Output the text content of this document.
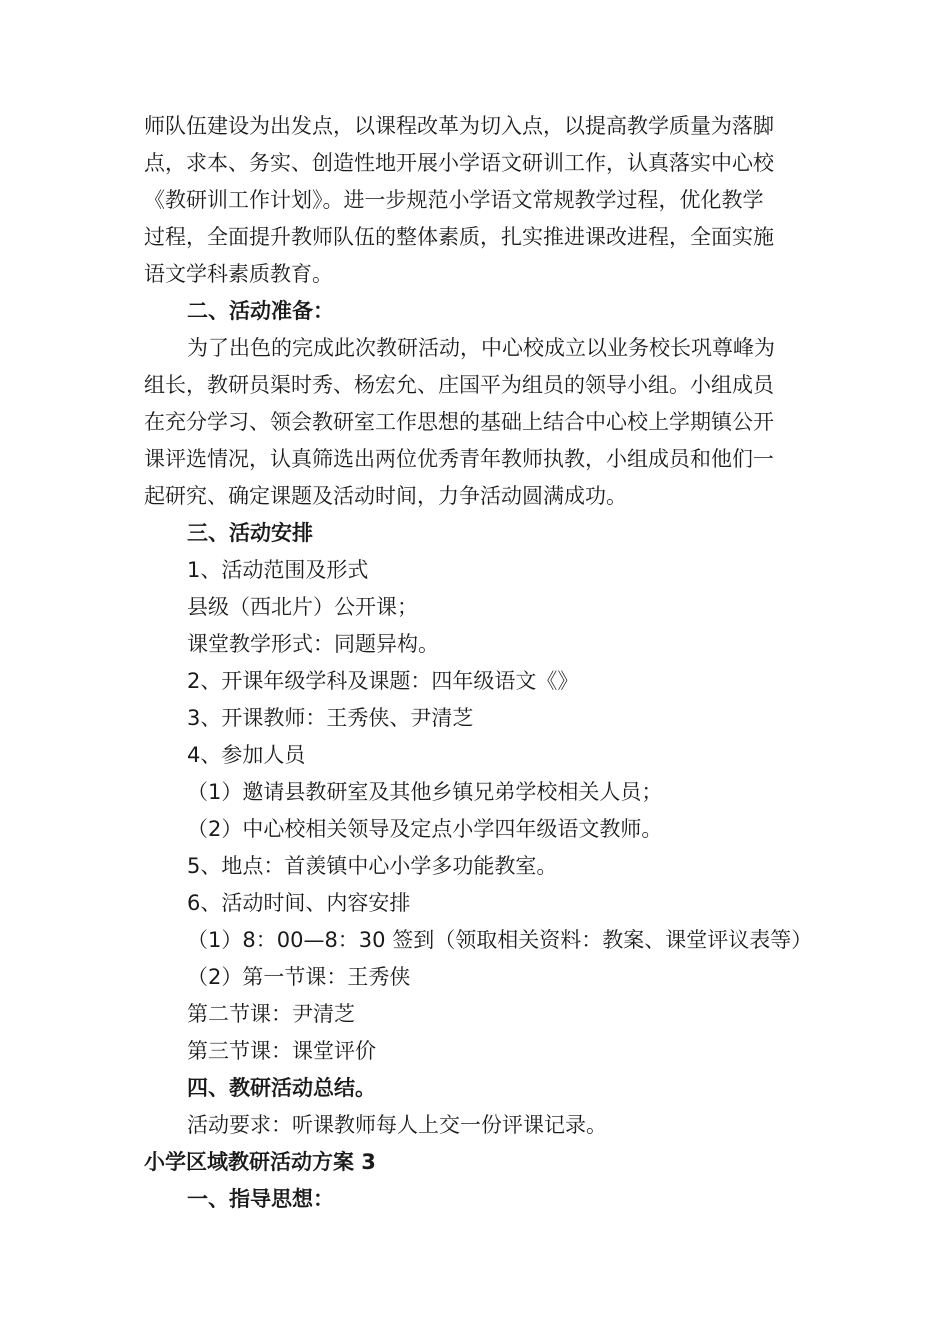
师队伍建设为出发点，以课程改革为切入点，以提高教学质量为落脚

点，求本、务实、创造性地开展小学语文研训工作，认真落实中心校

《教研训工作计划》。进一步规范小学语文常规教学过程，优化教学

过程，全面提升教师队伍的整体素质，扎实推进课改进程，全面实施

语文学科素质教育。

二、活动准备：

为了出色的完成此次教研活动，中心校成立以业务校长巩尊峰为

组长，教研员渠时秀、杨宏允、庄国平为组员的领导小组。小组成员

在充分学习、领会教研室工作思想的基础上结合中心校上学期镇公开

课评选情况，认真筛选出两位优秀青年教师执教，小组成员和他们一

起研究、确定课题及活动时间，力争活动圆满成功。

三、活动安排

1、活动范围及形式

县级（西北片）公开课；

课堂教学形式：同题异构。

2、开课年级学科及课题：四年级语文《》

3、开课教师：王秀侠、尹清芝

4、参加人员

（1）邀请县教研室及其他乡镇兄弟学校相关人员；

（2）中心校相关领导及定点小学四年级语文教师。

5、地点：首羡镇中心小学多功能教室。

6、活动时间、内容安排

（1）8：00—8：30 签到（领取相关资料：教案、课堂评议表等）

（2）第一节课：王秀侠

第二节课：尹清芝

第三节课：课堂评价

四、教研活动总结。

活动要求：听课教师每人上交一份评课记录。

小学区域教研活动方案 3

一、指导思想：
